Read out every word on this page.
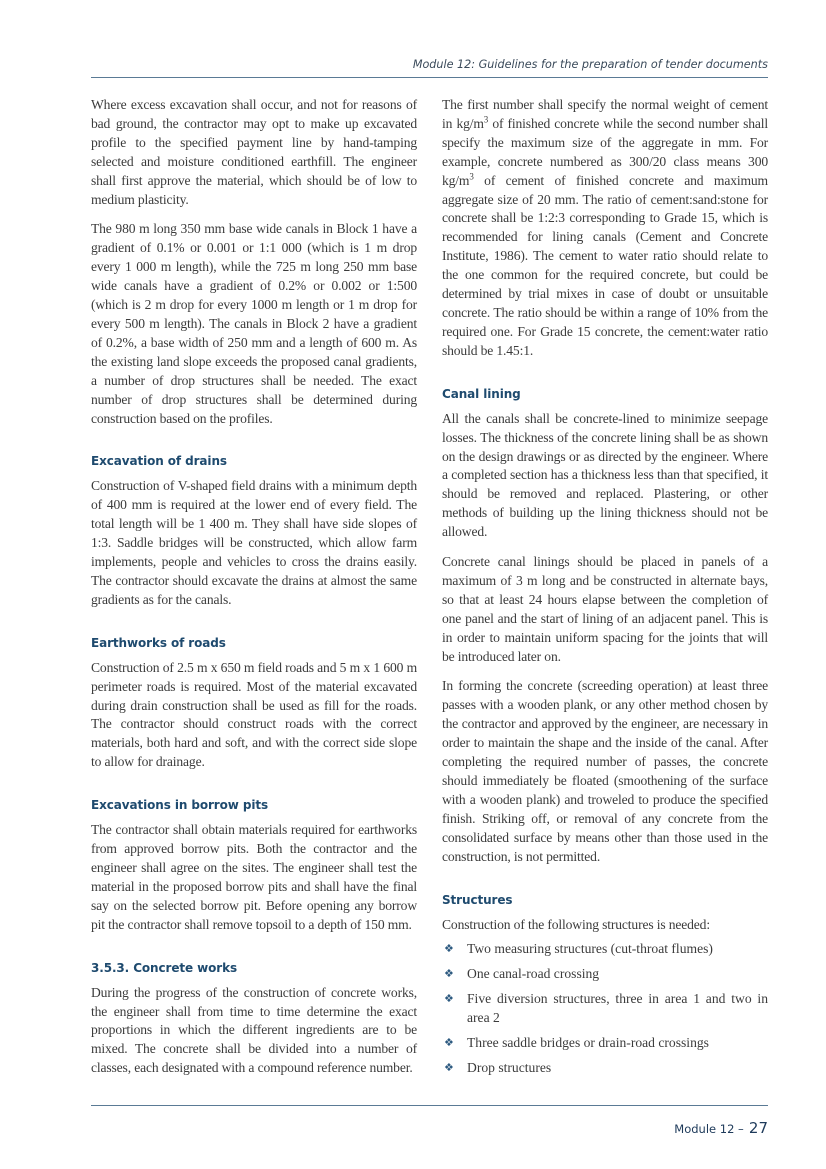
Module 12: Guidelines for the preparation of tender documents

Where excess excavation shall occur, and not for reasons of bad ground, the contractor may opt to make up excavated profile to the specified payment line by hand-tamping selected and moisture conditioned earthfill. The engineer shall first approve the material, which should be of low to medium plasticity.

The 980 m long 350 mm base wide canals in Block 1 have a gradient of 0.1% or 0.001 or 1:1 000 (which is 1 m drop every 1 000 m length), while the 725 m long 250 mm base wide canals have a gradient of 0.2% or 0.002 or 1:500 (which is 2 m drop for every 1000 m length or 1 m drop for every 500 m length). The canals in Block 2 have a gradient of 0.2%, a base width of 250 mm and a length of 600 m. As the existing land slope exceeds the proposed canal gradients, a number of drop structures shall be needed. The exact number of drop structures shall be determined during construction based on the profiles.

Excavation of drains

Construction of V-shaped field drains with a minimum depth of 400 mm is required at the lower end of every field. The total length will be 1 400 m. They shall have side slopes of 1:3. Saddle bridges will be constructed, which allow farm implements, people and vehicles to cross the drains easily. The contractor should excavate the drains at almost the same gradients as for the canals.

Earthworks of roads

Construction of 2.5 m x 650 m field roads and 5 m x 1 600 m perimeter roads is required. Most of the material excavated during drain construction shall be used as fill for the roads. The contractor should construct roads with the correct materials, both hard and soft, and with the correct side slope to allow for drainage.

Excavations in borrow pits

The contractor shall obtain materials required for earthworks from approved borrow pits. Both the contractor and the engineer shall agree on the sites. The engineer shall test the material in the proposed borrow pits and shall have the final say on the selected borrow pit. Before opening any borrow pit the contractor shall remove topsoil to a depth of 150 mm.

3.5.3. Concrete works

During the progress of the construction of concrete works, the engineer shall from time to time determine the exact proportions in which the different ingredients are to be mixed. The concrete shall be divided into a number of classes, each designated with a compound reference number.

The first number shall specify the normal weight of cement in $kg/m^3$ of finished concrete while the second number shall specify the maximum size of the aggregate in mm. For example, concrete numbered as 300/20 class means 300 $kg/m^3$ of cement of finished concrete and maximum aggregate size of 20 mm. The ratio of cement:sand:stone for concrete shall be 1:2:3 corresponding to Grade 15, which is recommended for lining canals (Cement and Concrete Institute, 1986). The cement to water ratio should relate to the one common for the required concrete, but could be determined by trial mixes in case of doubt or unsuitable concrete. The ratio should be within a range of 10% from the required one. For Grade 15 concrete, the cement:water ratio should be 1.45:1.

Canal lining

All the canals shall be concrete-lined to minimize seepage losses. The thickness of the concrete lining shall be as shown on the design drawings or as directed by the engineer. Where a completed section has a thickness less than that specified, it should be removed and replaced. Plastering, or other methods of building up the lining thickness should not be allowed.

Concrete canal linings should be placed in panels of a maximum of 3 m long and be constructed in alternate bays, so that at least 24 hours elapse between the completion of one panel and the start of lining of an adjacent panel. This is in order to maintain uniform spacing for the joints that will be introduced later on.

In forming the concrete (screeding operation) at least three passes with a wooden plank, or any other method chosen by the contractor and approved by the engineer, are necessary in order to maintain the shape and the inside of the canal. After completing the required number of passes, the concrete should immediately be floated (smoothening of the surface with a wooden plank) and troweled to produce the specified finish. Striking off, or removal of any concrete from the consolidated surface by means other than those used in the construction, is not permitted.

Structures

Construction of the following structures is needed:

❖ Two measuring structures (cut-throat flumes)
❖ One canal-road crossing
❖ Five diversion structures, three in area 1 and two in area 2
❖ Three saddle bridges or drain-road crossings
❖ Drop structures
Module 12 – 27
